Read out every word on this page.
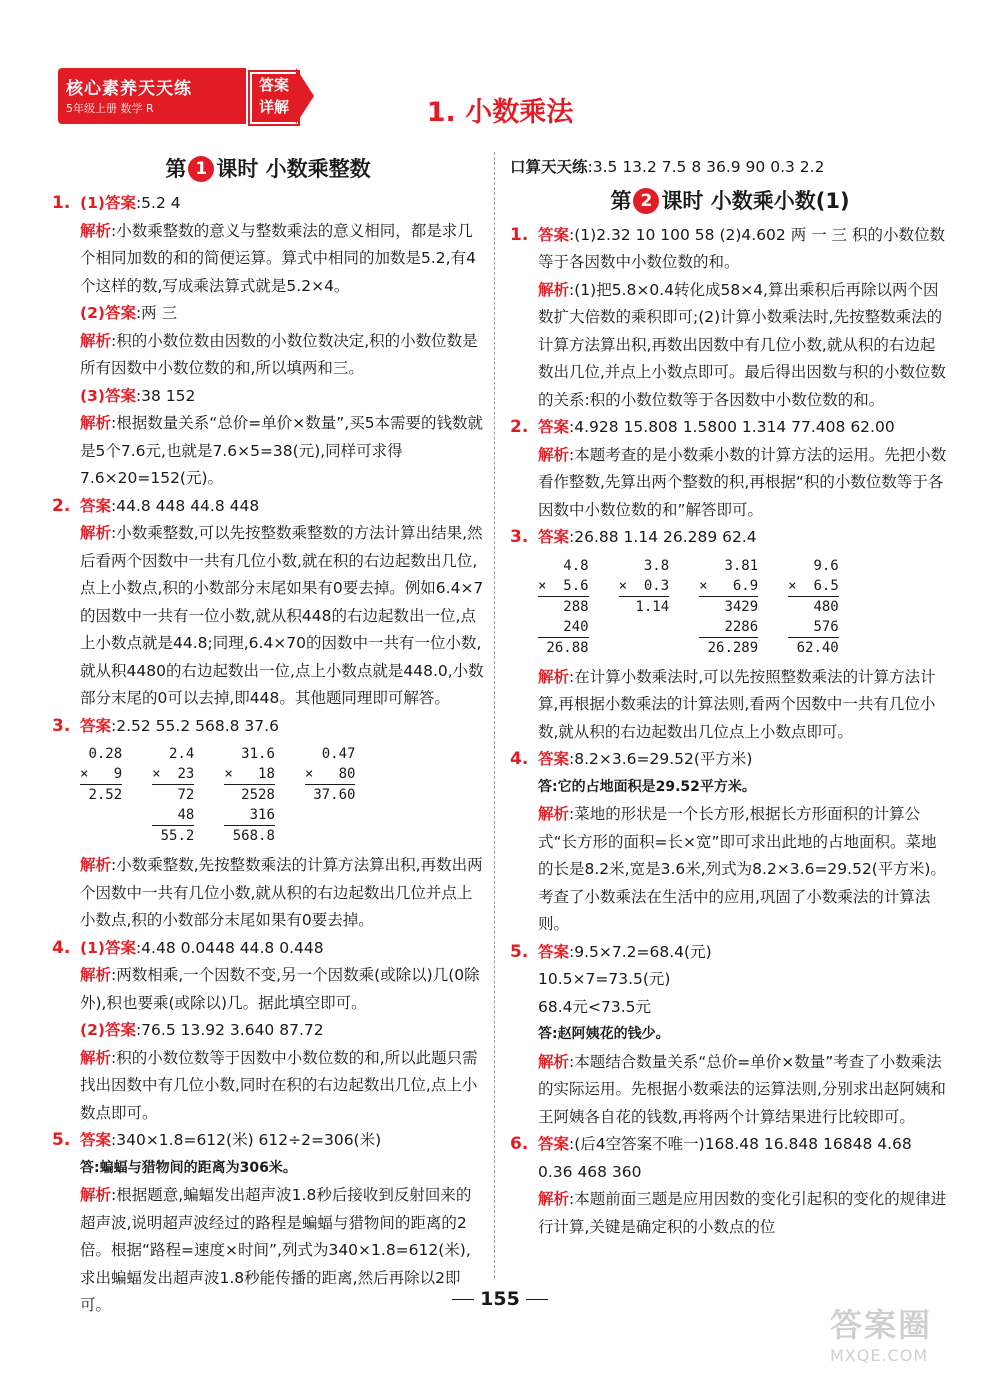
核心素养天天练
5年级上册 数学 R
答案详解	1. 小数乘法
第 1 课时 小数乘整数
1. (1)答案:5.2 4
解析:小数乘整数的意义与整数乘法的意义相同，都是求几个相同加数的和的简便运算。算式中相同的加数是5.2,有4个这样的数,写成乘法算式就是5.2×4。
(2)答案:两 三
解析:积的小数位数由因数的小数位数决定,积的小数位数是所有因数中小数位数的和,所以填两和三。
(3)答案:38 152
解析:根据数量关系“总价=单价×数量”,买5本需要的钱数就是5个7.6元,也就是7.6×5=38(元),同样可求得7.6×20=152(元)。
2. 答案:44.8 448 44.8 448
解析:小数乘整数,可以先按整数乘整数的方法计算出结果,然后看两个因数中一共有几位小数,就在积的右边起数出几位,点上小数点,积的小数部分末尾如果有0要去掉。例如6.4×7的因数中一共有一位小数,就从积448的右边起数出一位,点上小数点就是44.8;同理,6.4×70的因数中一共有一位小数,就从积4480的右边起数出一位,点上小数点就是448.0,小数部分末尾的0可以去掉,即448。其他题同理即可解答。
3. 答案:2.52 55.2 568.8 37.6
0.28
×   9
2.52
2.4
×  23
72
48
55.2
31.6
×   18
2528
316
568.8
0.47
×   80
37.60
解析:小数乘整数,先按整数乘法的计算方法算出积,再数出两个因数中一共有几位小数,就从积的右边起数出几位并点上小数点,积的小数部分末尾如果有0要去掉。
4. (1)答案:4.48 0.0448 44.8 0.448
解析:两数相乘,一个因数不变,另一个因数乘(或除以)几(0除外),积也要乘(或除以)几。据此填空即可。
(2)答案:76.5 13.92 3.640 87.72
解析:积的小数位数等于因数中小数位数的和,所以此题只需找出因数中有几位小数,同时在积的右边起数出几位,点上小数点即可。
5. 答案:340×1.8=612(米) 612÷2=306(米)
答:蝙蝠与猎物间的距离为306米。
解析:根据题意,蝙蝠发出超声波1.8秒后接收到反射回来的超声波,说明超声波经过的路程是蝙蝠与猎物间的距离的2倍。根据“路程=速度×时间”,列式为340×1.8=612(米),求出蝙蝠发出超声波1.8秒能传播的距离,然后再除以2即可。
口算天天练:3.5 13.2 7.5 8 36.9 90 0.3 2.2
第 2 课时 小数乘小数(1)
1. 答案:(1)2.32 10 100 58 (2)4.602 两 一 三 积的小数位数等于各因数中小数位数的和。
解析:(1)把5.8×0.4转化成58×4,算出乘积后再除以两个因数扩大倍数的乘积即可;(2)计算小数乘法时,先按整数乘法的计算方法算出积,再数出因数中有几位小数,就从积的右边起数出几位,并点上小数点即可。最后得出因数与积的小数位数的关系:积的小数位数等于各因数中小数位数的和。
2. 答案:4.928 15.808 1.5800 1.314 77.408 62.00
解析:本题考查的是小数乘小数的计算方法的运用。先把小数看作整数,先算出两个整数的积,再根据“积的小数位数等于各因数中小数位数的和”解答即可。
3. 答案:26.88 1.14 26.289 62.4
4.8
×  5.6
288
240
26.88
3.8
×  0.3
1.14
3.81
×   6.9
3429
2286
26.289
9.6
×  6.5
480
576
62.40
解析:在计算小数乘法时,可以先按照整数乘法的计算方法计算,再根据小数乘法的计算法则,看两个因数中一共有几位小数,就从积的右边起数出几位点上小数点即可。
4. 答案:8.2×3.6=29.52(平方米)
答:它的占地面积是29.52平方米。
解析:菜地的形状是一个长方形,根据长方形面积的计算公式“长方形的面积=长×宽”即可求出此地的占地面积。菜地的长是8.2米,宽是3.6米,列式为8.2×3.6=29.52(平方米)。考查了小数乘法在生活中的应用,巩固了小数乘法的计算法则。
5. 答案:9.5×7.2=68.4(元)
10.5×7=73.5(元)
68.4元<73.5元
答:赵阿姨花的钱少。
解析:本题结合数量关系“总价=单价×数量”考查了小数乘法的实际运用。先根据小数乘法的运算法则,分别求出赵阿姨和王阿姨各自花的钱数,再将两个计算结果进行比较即可。
6. 答案:(后4空答案不唯一)168.48 16.848 16848 4.68 0.36 468 360
解析:本题前面三题是应用因数的变化引起积的变化的规律进行计算,关键是确定积的小数点的位
155
答案圈
MXQE.COM
